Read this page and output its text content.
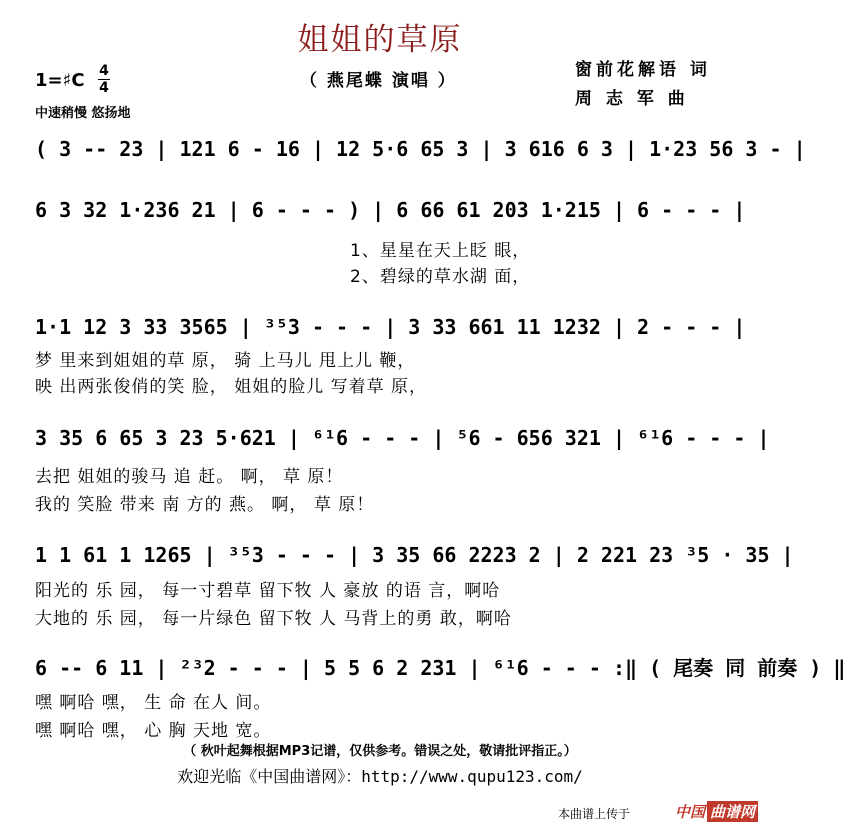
姐姐的草原
（ 燕尾蝶 演唱 ）
窗前花解语 词
周 志 军 曲
1=♯C 4
4
中速稍慢 悠扬地
( 3 -- 23 | 121 6 - 16 | 12 5·6 65 3 | 3 616 6 3 | 1·23 56 3 - |
6 3 32 1·236 21 | 6 - - - ) | 6 66 61 203 1·215 | 6 - - - |
1、星星在天上眨 眼，
2、碧绿的草水湖 面，
1·1 12 3 33 3565 | ³⁵3 - - - | 3 33 661 11 1232 | 2 - - - |
梦 里来到姐姐的草 原， 骑 上马儿 甩上儿 鞭，
映 出两张俊俏的笑 脸， 姐姐的脸儿 写着草 原，
3 35 6 65 3 23 5·621 | ⁶¹6 - - - | ⁵6 - 656 321 | ⁶¹6 - - - |
去把 姐姐的骏马 追 赶。 啊， 草 原！
我的 笑脸 带来 南 方的 燕。 啊， 草 原！
1 1 61 1 1265 | ³⁵3 - - - | 3 35 66 2223 2 | 2 221 23 ³5 · 35 |
阳光的 乐 园， 每一寸碧草 留下牧 人 豪放 的语 言，啊哈
大地的 乐 园， 每一片绿色 留下牧 人 马背上的勇 敢，啊哈
6 -- 6 11 | ²³2 - - - | 5 5 6 2 231 | ⁶¹6 - - - :‖ ( 尾奏 同 前奏 ) ‖
嘿 啊哈 嘿， 生 命 在人 间。
嘿 啊哈 嘿， 心 胸 天地 宽。
（ 秋叶起舞根据MP3记谱，仅供参考。错误之处，敬请批评指正。）
欢迎光临《中国曲谱网》：http://www.qupu123.com/
本曲谱上传于	中国 曲谱网
